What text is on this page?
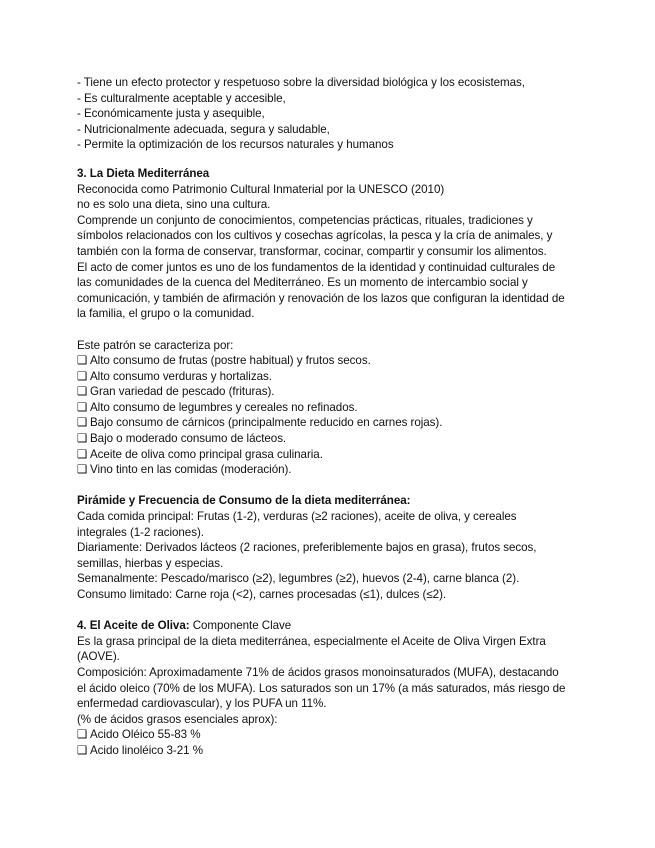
- Tiene un efecto protector y respetuoso sobre la diversidad biológica y los ecosistemas,
- Es culturalmente aceptable y accesible,
- Económicamente justa y asequible,
- Nutricionalmente adecuada, segura y saludable,
- Permite la optimización de los recursos naturales y humanos
3. La Dieta Mediterránea
Reconocida como Patrimonio Cultural Inmaterial por la UNESCO (2010)
no es solo una dieta, sino una cultura.
Comprende un conjunto de conocimientos, competencias prácticas, rituales, tradiciones y
símbolos relacionados con los cultivos y cosechas agrícolas, la pesca y la cría de animales, y
también con la forma de conservar, transformar, cocinar, compartir y consumir los alimentos.
El acto de comer juntos es uno de los fundamentos de la identidad y continuidad culturales de
las comunidades de la cuenca del Mediterráneo. Es un momento de intercambio social y
comunicación, y también de afirmación y renovación de los lazos que configuran la identidad de
la familia, el grupo o la comunidad.
Este patrón se caracteriza por:
❑ Alto consumo de frutas (postre habitual) y frutos secos.
❑ Alto consumo verduras y hortalizas.
❑ Gran variedad de pescado (frituras).
❑ Alto consumo de legumbres y cereales no refinados.
❑ Bajo consumo de cárnicos (principalmente reducido en carnes rojas).
❑ Bajo o moderado consumo de lácteos.
❑ Aceite de oliva como principal grasa culinaria.
❑ Vino tinto en las comidas (moderación).
Pirámide y Frecuencia de Consumo de la dieta mediterránea:
Cada comida principal: Frutas (1-2), verduras (≥2 raciones), aceite de oliva, y cereales
integrales (1-2 raciones).
Diariamente: Derivados lácteos (2 raciones, preferiblemente bajos en grasa), frutos secos,
semillas, hierbas y especias.
Semanalmente: Pescado/marisco (≥2), legumbres (≥2), huevos (2-4), carne blanca (2).
Consumo limitado: Carne roja (<2), carnes procesadas (≤1), dulces (≤2).
4. El Aceite de Oliva: Componente Clave
Es la grasa principal de la dieta mediterránea, especialmente el Aceite de Oliva Virgen Extra
(AOVE).
Composición: Aproximadamente 71% de ácidos grasos monoinsaturados (MUFA), destacando
el ácido oleico (70% de los MUFA). Los saturados son un 17% (a más saturados, más riesgo de
enfermedad cardiovascular), y los PUFA un 11%.
(% de ácidos grasos esenciales aprox):
❑ Acido Oléico 55-83 %
❑ Acido linoléico 3-21 %
